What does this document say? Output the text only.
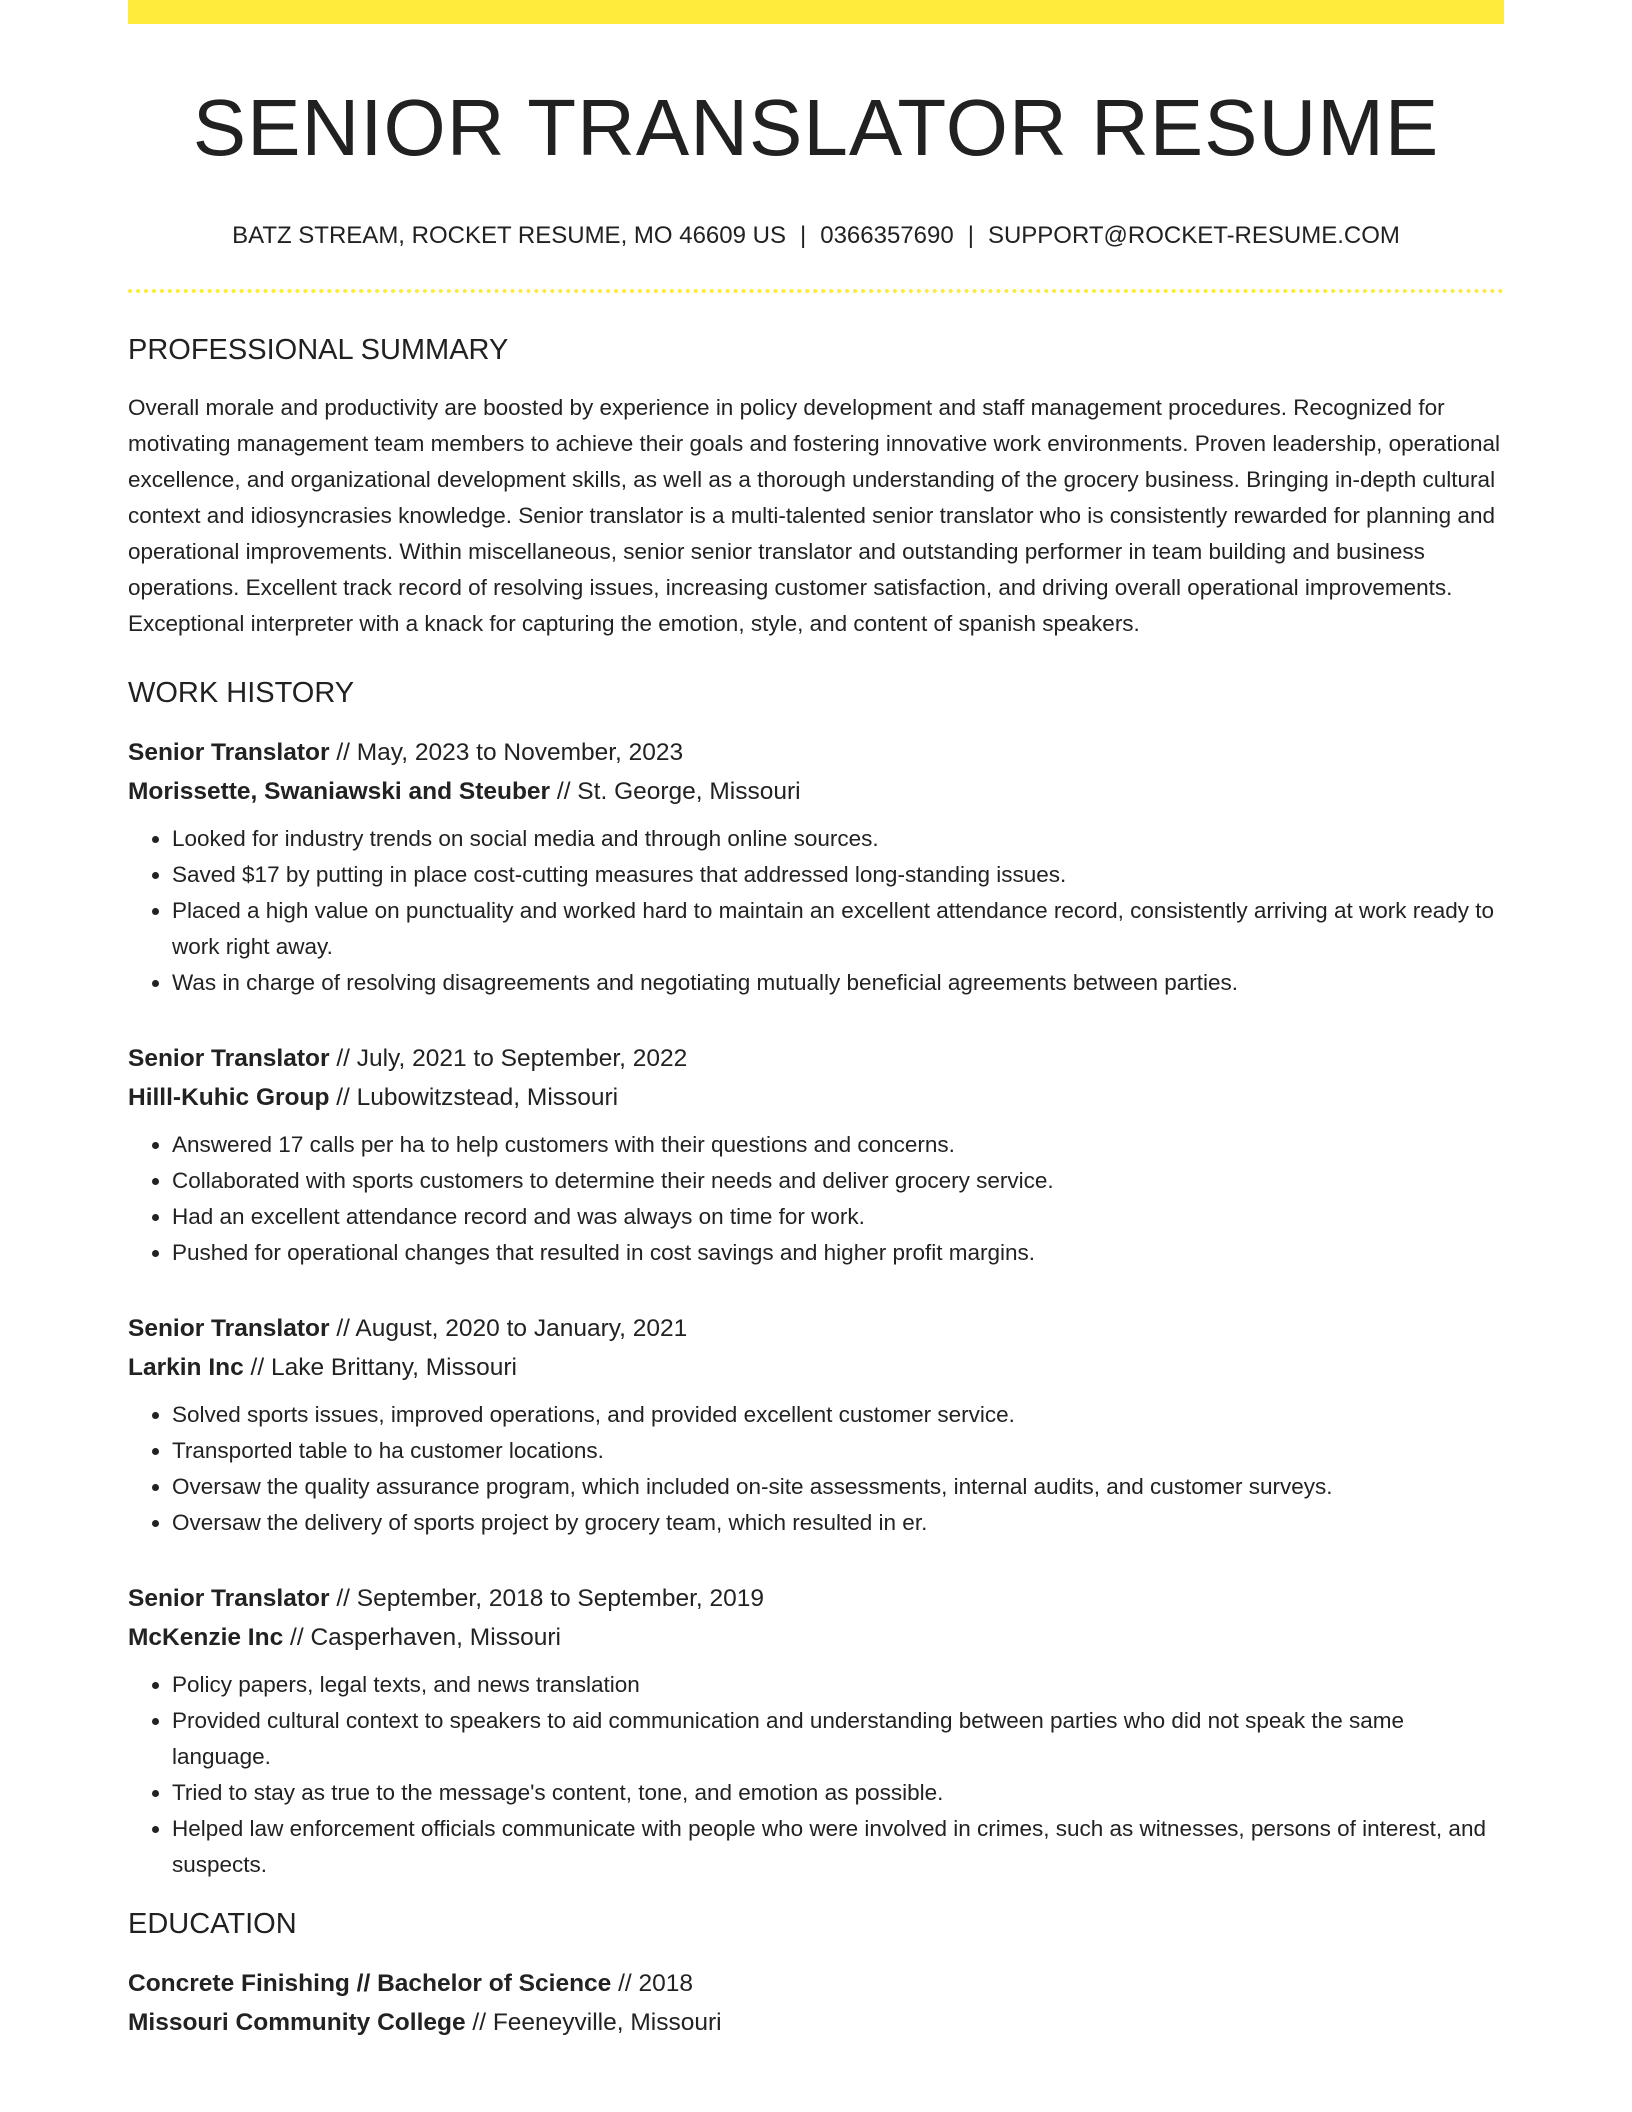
SENIOR TRANSLATOR RESUME
BATZ STREAM, ROCKET RESUME, MO 46609 US | 0366357690 | SUPPORT@ROCKET-RESUME.COM
PROFESSIONAL SUMMARY
Overall morale and productivity are boosted by experience in policy development and staff management procedures. Recognized for motivating management team members to achieve their goals and fostering innovative work environments. Proven leadership, operational excellence, and organizational development skills, as well as a thorough understanding of the grocery business. Bringing in-depth cultural context and idiosyncrasies knowledge. Senior translator is a multi-talented senior translator who is consistently rewarded for planning and operational improvements. Within miscellaneous, senior senior translator and outstanding performer in team building and business operations. Excellent track record of resolving issues, increasing customer satisfaction, and driving overall operational improvements. Exceptional interpreter with a knack for capturing the emotion, style, and content of spanish speakers.
WORK HISTORY
Senior Translator // May, 2023 to November, 2023
Morissette, Swaniawski and Steuber // St. George, Missouri
• Looked for industry trends on social media and through online sources.
• Saved $17 by putting in place cost-cutting measures that addressed long-standing issues.
• Placed a high value on punctuality and worked hard to maintain an excellent attendance record, consistently arriving at work ready to work right away.
• Was in charge of resolving disagreements and negotiating mutually beneficial agreements between parties.
Senior Translator // July, 2021 to September, 2022
Hilll-Kuhic Group // Lubowitzstead, Missouri
• Answered 17 calls per ha to help customers with their questions and concerns.
• Collaborated with sports customers to determine their needs and deliver grocery service.
• Had an excellent attendance record and was always on time for work.
• Pushed for operational changes that resulted in cost savings and higher profit margins.
Senior Translator // August, 2020 to January, 2021
Larkin Inc // Lake Brittany, Missouri
• Solved sports issues, improved operations, and provided excellent customer service.
• Transported table to ha customer locations.
• Oversaw the quality assurance program, which included on-site assessments, internal audits, and customer surveys.
• Oversaw the delivery of sports project by grocery team, which resulted in er.
Senior Translator // September, 2018 to September, 2019
McKenzie Inc // Casperhaven, Missouri
• Policy papers, legal texts, and news translation
• Provided cultural context to speakers to aid communication and understanding between parties who did not speak the same language.
• Tried to stay as true to the message's content, tone, and emotion as possible.
• Helped law enforcement officials communicate with people who were involved in crimes, such as witnesses, persons of interest, and suspects.
EDUCATION
Concrete Finishing // Bachelor of Science // 2018
Missouri Community College // Feeneyville, Missouri
